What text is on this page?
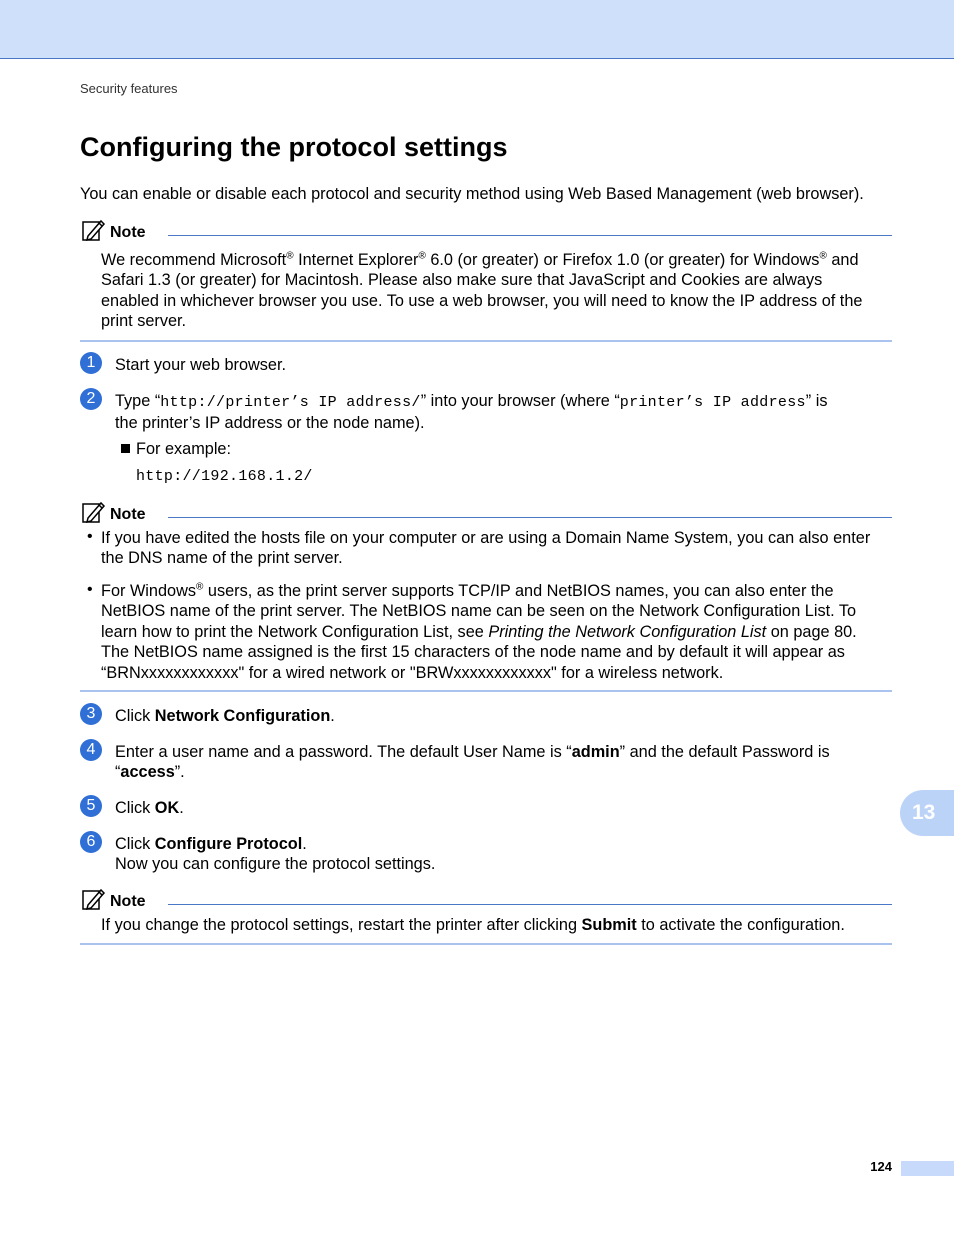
Security features
Configuring the protocol settings
You can enable or disable each protocol and security method using Web Based Management (web browser).
Note
We recommend Microsoft® Internet Explorer® 6.0 (or greater) or Firefox 1.0 (or greater) for Windows® and
Safari 1.3 (or greater) for Macintosh. Please also make sure that JavaScript and Cookies are always
enabled in whichever browser you use. To use a web browser, you will need to know the IP address of the
print server.
1	Start your web browser.
2	Type “http://printer’s IP address/” into your browser (where “printer’s IP address” is
the printer’s IP address or the node name).
For example:
http://192.168.1.2/
Note
• If you have edited the hosts file on your computer or are using a Domain Name System, you can also enter
the DNS name of the print server.
• For Windows® users, as the print server supports TCP/IP and NetBIOS names, you can also enter the
NetBIOS name of the print server. The NetBIOS name can be seen on the Network Configuration List. To
learn how to print the Network Configuration List, see Printing the Network Configuration List on page 80.
The NetBIOS name assigned is the first 15 characters of the node name and by default it will appear as
“BRNxxxxxxxxxxxx" for a wired network or "BRWxxxxxxxxxxxx" for a wireless network.
3	Click Network Configuration.
4	Enter a user name and a password. The default User Name is “admin” and the default Password is
“access”.
5	Click OK.
6	Click Configure Protocol.
Now you can configure the protocol settings.
Note
If you change the protocol settings, restart the printer after clicking Submit to activate the configuration.
13
124
